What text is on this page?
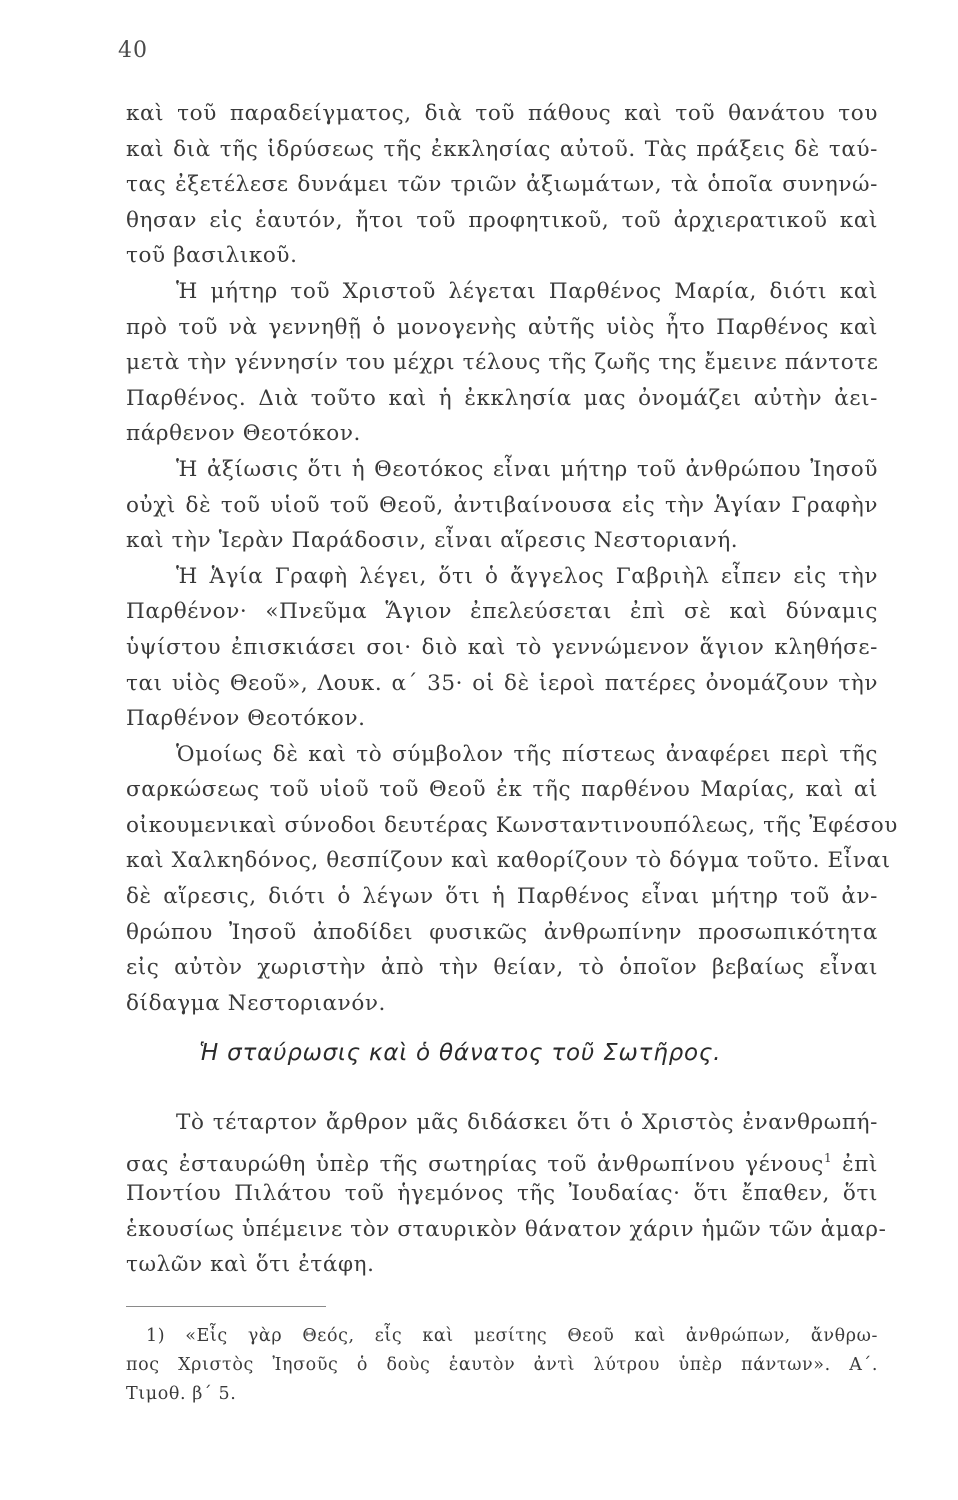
40
καὶ τοῦ παραδείγματος, διὰ τοῦ πάθους καὶ τοῦ θανάτου του
καὶ διὰ τῆς ἱδρύσεως τῆς ἐκκλησίας αὐτοῦ. Τὰς πράξεις δὲ ταύ-
τας ἐξετέλεσε δυνάμει τῶν τριῶν ἀξιωμάτων, τὰ ὁποῖα συνηνώ-
θησαν εἰς ἑαυτόν, ἤτοι τοῦ προφητικοῦ, τοῦ ἀρχιερατικοῦ καὶ
τοῦ βασιλικοῦ.
Ἡ μήτηρ τοῦ Χριστοῦ λέγεται Παρθένος Μαρία, διότι καὶ
πρὸ τοῦ νὰ γεννηθῇ ὁ μονογενὴς αὐτῆς υἱὸς ἦτο Παρθένος καὶ
μετὰ τὴν γέννησίν του μέχρι τέλους τῆς ζωῆς της ἔμεινε πάντοτε
Παρθένος. Διὰ τοῦτο καὶ ἡ ἐκκλησία μας ὀνομάζει αὐτὴν ἀει-
πάρθενον Θεοτόκον.
Ἡ ἀξίωσις ὅτι ἡ Θεοτόκος εἶναι μήτηρ τοῦ ἀνθρώπου Ἰησοῦ
οὐχὶ δὲ τοῦ υἱοῦ τοῦ Θεοῦ, ἀντιβαίνουσα εἰς τὴν Ἁγίαν Γραφὴν
καὶ τὴν Ἱερὰν Παράδοσιν, εἶναι αἵρεσις Νεστοριανή.
Ἡ Ἁγία Γραφὴ λέγει, ὅτι ὁ ἄγγελος Γαβριὴλ εἶπεν εἰς τὴν
Παρθένον· «Πνεῦμα Ἅγιον ἐπελεύσεται ἐπὶ σὲ καὶ δύναμις
ὑψίστου ἐπισκιάσει σοι· διὸ καὶ τὸ γεννώμενον ἅγιον κληθήσε-
ται υἱὸς Θεοῦ», Λουκ. α΄ 35· οἱ δὲ ἱεροὶ πατέρες ὀνομάζουν τὴν
Παρθένον Θεοτόκον.
Ὁμοίως δὲ καὶ τὸ σύμβολον τῆς πίστεως ἀναφέρει περὶ τῆς
σαρκώσεως τοῦ υἱοῦ τοῦ Θεοῦ ἐκ τῆς παρθένου Μαρίας, καὶ αἱ
οἰκουμενικαὶ σύνοδοι δευτέρας Κωνσταντινουπόλεως, τῆς Ἐφέσου
καὶ Χαλκηδόνος, θεσπίζουν καὶ καθορίζουν τὸ δόγμα τοῦτο. Εἶναι
δὲ αἵρεσις, διότι ὁ λέγων ὅτι ἡ Παρθένος εἶναι μήτηρ τοῦ ἀν-
θρώπου Ἰησοῦ ἀποδίδει φυσικῶς ἀνθρωπίνην προσωπικότητα
εἰς αὐτὸν χωριστὴν ἀπὸ τὴν θείαν, τὸ ὁποῖον βεβαίως εἶναι
δίδαγμα Νεστοριανόν.
Ἡ σταύρωσις καὶ ὁ θάνατος τοῦ Σωτῆρος.
Τὸ τέταρτον ἄρθρον μᾶς διδάσκει ὅτι ὁ Χριστὸς ἐνανθρωπή-
σας ἐσταυρώθη ὑπὲρ τῆς σωτηρίας τοῦ ἀνθρωπίνου γένους$^1$ ἐπὶ
Ποντίου Πιλάτου τοῦ ἡγεμόνος τῆς Ἰουδαίας· ὅτι ἔπαθεν, ὅτι
ἑκουσίως ὑπέμεινε τὸν σταυρικὸν θάνατον χάριν ἡμῶν τῶν ἁμαρ-
τωλῶν καὶ ὅτι ἐτάφη.
1) «Εἷς γὰρ Θεός, εἷς καὶ μεσίτης Θεοῦ καὶ ἀνθρώπων, ἄνθρω-
πος Χριστὸς Ἰησοῦς ὁ δοὺς ἑαυτὸν ἀντὶ λύτρου ὑπὲρ πάντων». Α΄.
Τιμοθ. β΄ 5.
